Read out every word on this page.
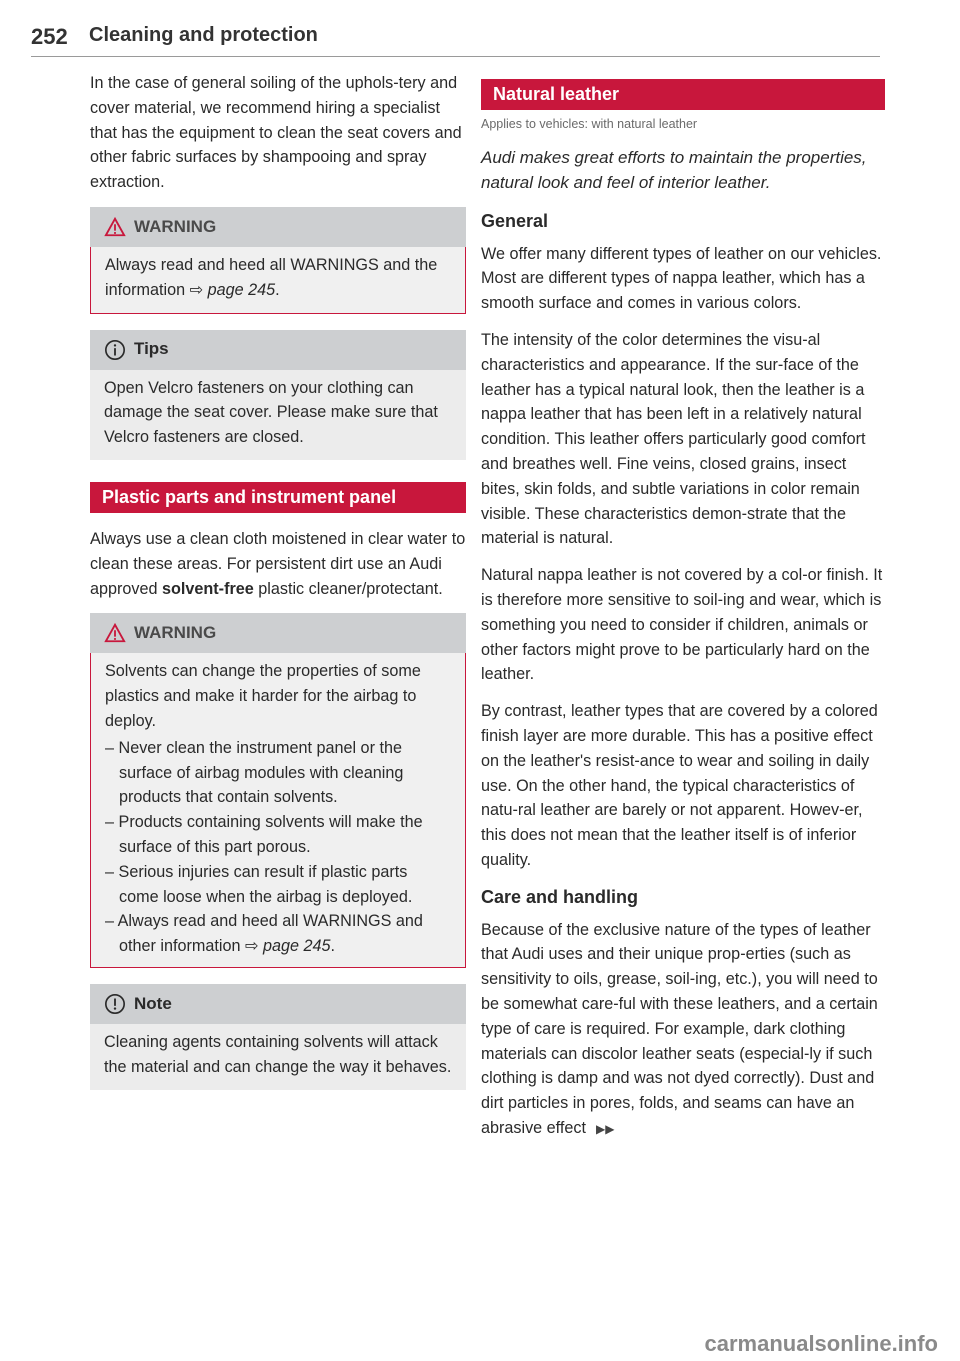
252 Cleaning and protection

In the case of general soiling of the uphols-tery and cover material, we recommend hiring a specialist that has the equipment to clean the seat covers and other fabric surfaces by shampooing and spray extraction.

WARNING

Always read and heed all WARNINGS and the information ⇨ page 245.

Tips

Open Velcro fasteners on your clothing can damage the seat cover. Please make sure that Velcro fasteners are closed.

Plastic parts and instrument panel

Always use a clean cloth moistened in clear water to clean these areas. For persistent dirt use an Audi approved solvent-free plastic cleaner/protectant.

WARNING

Solvents can change the properties of some plastics and make it harder for the airbag to deploy.

– Never clean the instrument panel or the surface of airbag modules with cleaning products that contain solvents.
– Products containing solvents will make the surface of this part porous.
– Serious injuries can result if plastic parts come loose when the airbag is deployed.
– Always read and heed all WARNINGS and other information ⇨ page 245.
Note

Cleaning agents containing solvents will attack the material and can change the way it behaves.

Natural leather
Applies to vehicles: with natural leather

Audi makes great efforts to maintain the properties, natural look and feel of interior leather.

General

We offer many different types of leather on our vehicles. Most are different types of nappa leather, which has a smooth surface and comes in various colors.

The intensity of the color determines the visu-al characteristics and appearance. If the sur-face of the leather has a typical natural look, then the leather is a nappa leather that has been left in a relatively natural condition. This leather offers particularly good comfort and breathes well. Fine veins, closed grains, insect bites, skin folds, and subtle variations in color remain visible. These characteristics demon-strate that the material is natural.

Natural nappa leather is not covered by a col-or finish. It is therefore more sensitive to soil-ing and wear, which is something you need to consider if children, animals or other factors might prove to be particularly hard on the leather.

By contrast, leather types that are covered by a colored finish layer are more durable. This has a positive effect on the leather's resist-ance to wear and soiling in daily use. On the other hand, the typical characteristics of natu-ral leather are barely or not apparent. Howev-er, this does not mean that the leather itself is of inferior quality.

Care and handling

Because of the exclusive nature of the types of leather that Audi uses and their unique prop-erties (such as sensitivity to oils, grease, soil-ing, etc.), you will need to be somewhat care-ful with these leathers, and a certain type of care is required. For example, dark clothing materials can discolor leather seats (especial-ly if such clothing is damp and was not dyed correctly). Dust and dirt particles in pores, folds, and seams can have an abrasive effect ▶▶

carmanualsonline.info
